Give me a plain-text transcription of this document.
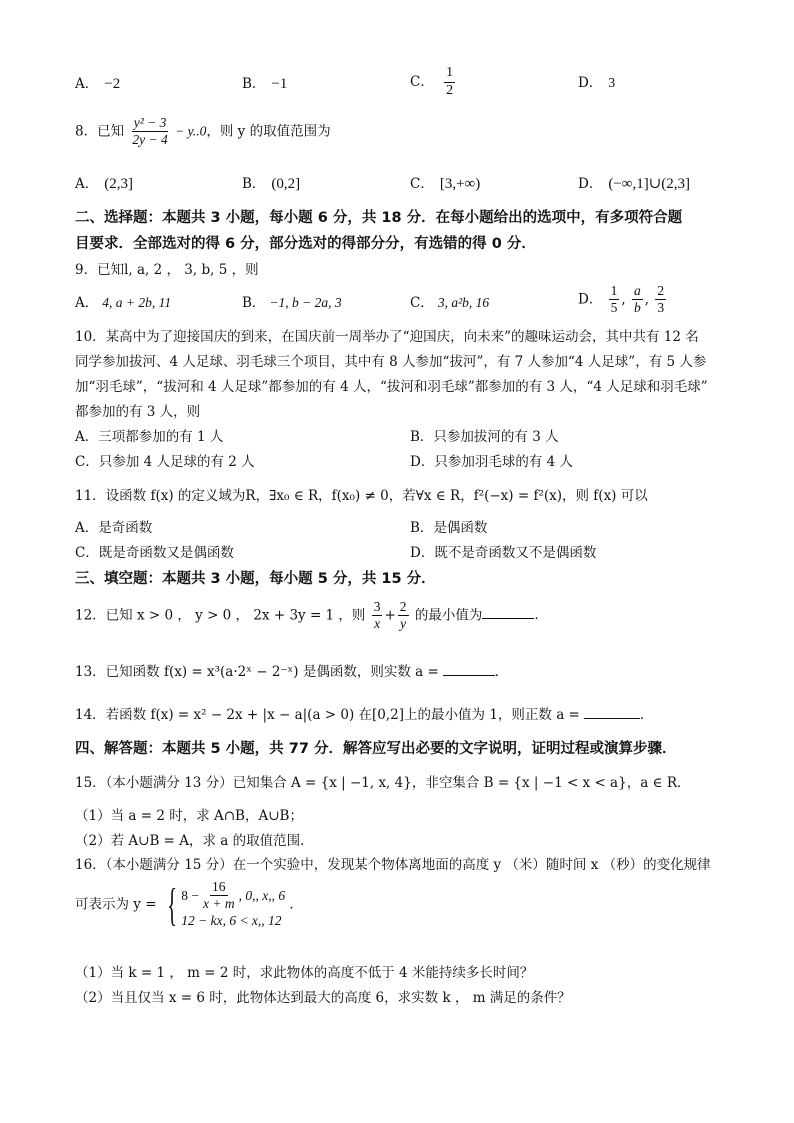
A． −2	B． −1	C． $\frac{1}{2}$	D． 3
8．已知 $\frac{\text{y² − 3}}{2y - 4} - y..0$，则 y 的取值范围为
A． (2,3]	B． (0,2]	C． [3,+∞)	D． (−∞,1]∪(2,3]
二、选择题：本题共 3 小题，每小题 6 分，共 18 分．在每小题给出的选项中，有多项符合题
目要求．全部选对的得 6 分，部分选对的得部分分，有选错的得 0 分．
9．已知l, a, 2 ， 3, b, 5 ，则
A． 4, a + 2b, 11	B． −1, b − 2a, 3	C． 3, a²b, 16	D． $\frac{1}{5}$ , $\frac{a}{b}$ , $\frac{2}{3}$
10．某高中为了迎接国庆的到来，在国庆前一周举办了“迎国庆，向未来”的趣味运动会，其中共有 12 名
同学参加拔河、4 人足球、羽毛球三个项目，其中有 8 人参加“拔河”，有 7 人参加“4 人足球”，有 5 人参
加“羽毛球”，“拔河和 4 人足球”都参加的有 4 人，“拔河和羽毛球”都参加的有 3 人，“4 人足球和羽毛球”
都参加的有 3 人，则
A．三项都参加的有 1 人	B．只参加拔河的有 3 人
C．只参加 4 人足球的有 2 人	D．只参加羽毛球的有 4 人
11．设函数 f(x) 的定义域为R，∃x₀ ∈ R，f(x₀) ≠ 0，若∀x ∈ R，f²(−x) = f²(x)，则 f(x) 可以
A．是奇函数	B．是偶函数
C．既是奇函数又是偶函数	D．既不是奇函数又不是偶函数
三、填空题：本题共 3 小题，每小题 5 分，共 15 分．
12．已知 x > 0 ， y > 0 ， 2x + 3y = 1 ，则 $\frac{3}{x} + \frac{2}{y}$ 的最小值为	．
13．已知函数 f(x) = x³(a·2ˣ − 2⁻ˣ) 是偶函数，则实数 a =	．
14．若函数 f(x) = x² − 2x + |x − a|(a > 0) 在[0,2]上的最小值为 1，则正数 a =	．
四、解答题：本题共 5 小题，共 77 分．解答应写出必要的文字说明，证明过程或演算步骤．
15．（本小题满分 13 分）已知集合 A = {x | −1, x, 4}，非空集合 B = {x | −1 < x < a}，a ∈ R．
（1）当 a = 2 时，求 A∩B，A∪B；
（2）若 A∪B = A，求 a 的取值范围．
16．（本小题满分 15 分）在一个实验中，发现某个物体离地面的高度 y （米）随时间 x （秒）的变化规律
可表示为 y = { $8 - \frac{16}{x + m}$ , 0,, x,, 6
12 − kx, 6 < x,, 12
．
（1）当 k = 1 ， m = 2 时，求此物体的高度不低于 4 米能持续多长时间？
（2）当且仅当 x = 6 时，此物体达到最大的高度 6，求实数 k ， m 满足的条件？
